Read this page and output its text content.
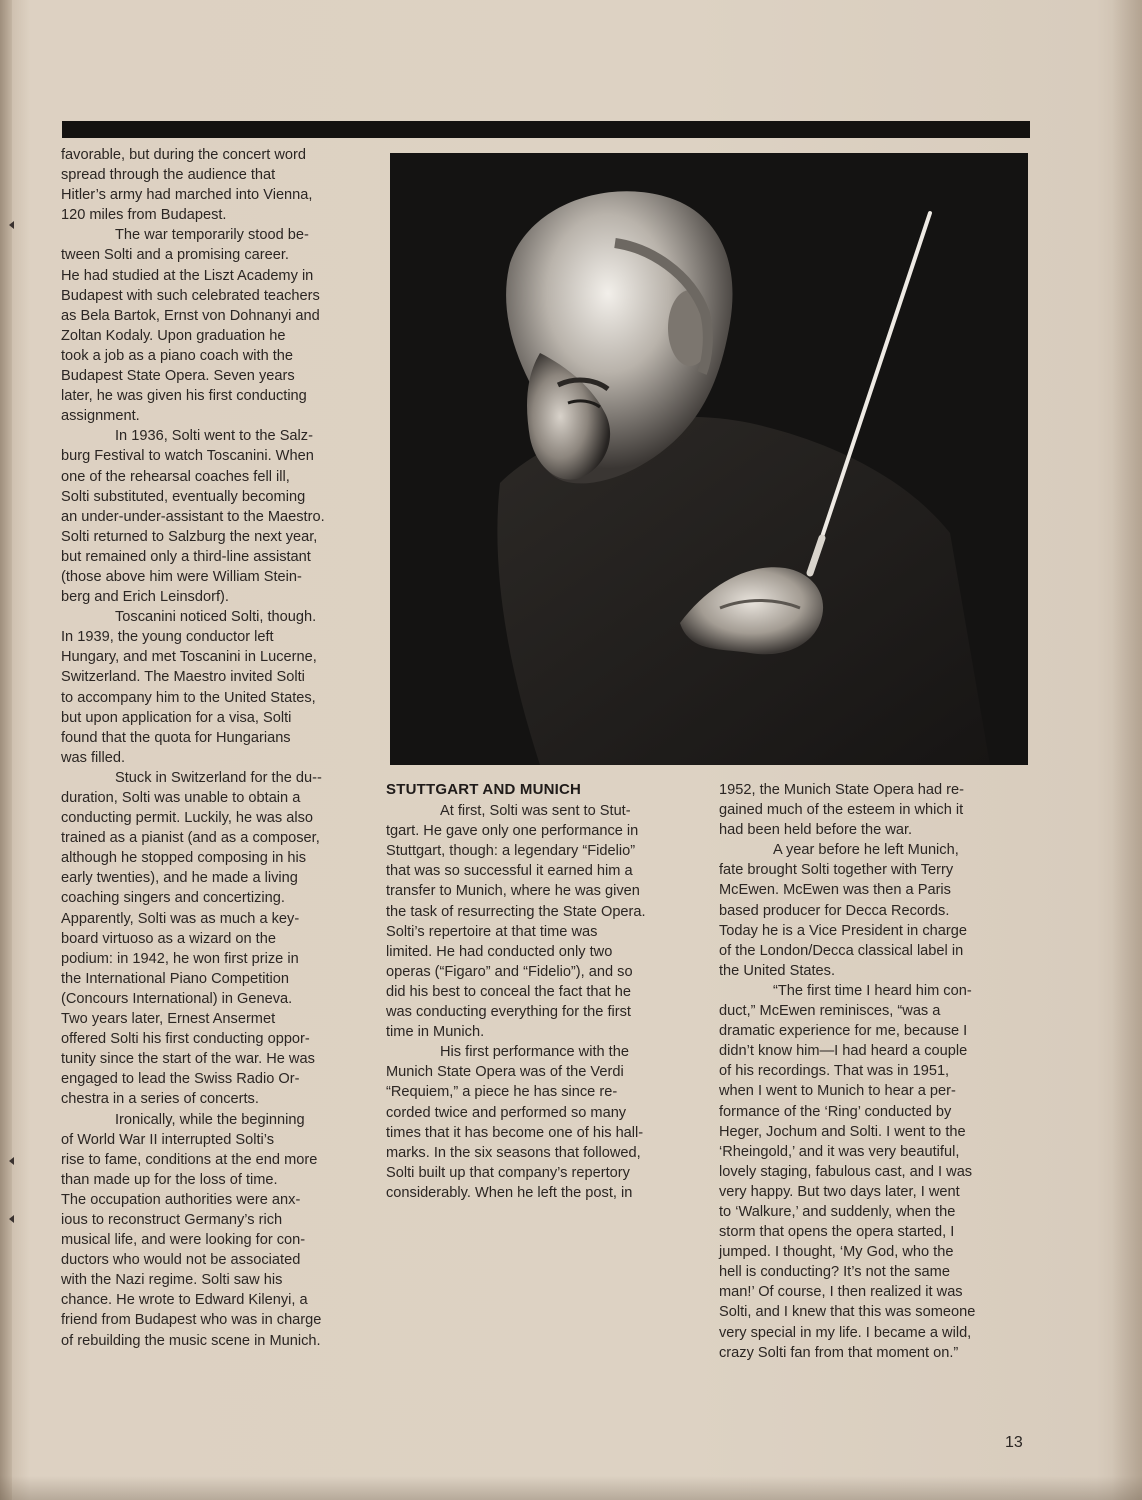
favorable, but during the concert word
spread through the audience that
Hitler’s army had marched into Vienna,
120 miles from Budapest.
The war temporarily stood be-
tween Solti and a promising career.
He had studied at the Liszt Academy in
Budapest with such celebrated teachers
as Bela Bartok, Ernst von Dohnanyi and
Zoltan Kodaly. Upon graduation he
took a job as a piano coach with the
Budapest State Opera. Seven years
later, he was given his first conducting
assignment.
In 1936, Solti went to the Salz-
burg Festival to watch Toscanini. When
one of the rehearsal coaches fell ill,
Solti substituted, eventually becoming
an under-under-assistant to the Maestro.
Solti returned to Salzburg the next year,
but remained only a third-line assistant
(those above him were William Stein-
berg and Erich Leinsdorf).
Toscanini noticed Solti, though.
In 1939, the young conductor left
Hungary, and met Toscanini in Lucerne,
Switzerland. The Maestro invited Solti
to accompany him to the United States,
but upon application for a visa, Solti
found that the quota for Hungarians
was filled.
Stuck in Switzerland for the du--
duration, Solti was unable to obtain a
conducting permit. Luckily, he was also
trained as a pianist (and as a composer,
although he stopped composing in his
early twenties), and he made a living
coaching singers and concertizing.
Apparently, Solti was as much a key-
board virtuoso as a wizard on the
podium: in 1942, he won first prize in
the International Piano Competition
(Concours International) in Geneva.
Two years later, Ernest Ansermet
offered Solti his first conducting oppor-
tunity since the start of the war. He was
engaged to lead the Swiss Radio Or-
chestra in a series of concerts.
Ironically, while the beginning
of World War II interrupted Solti’s
rise to fame, conditions at the end more
than made up for the loss of time.
The occupation authorities were anx-
ious to reconstruct Germany’s rich
musical life, and were looking for con-
ductors who would not be associated
with the Nazi regime. Solti saw his
chance. He wrote to Edward Kilenyi, a
friend from Budapest who was in charge
of rebuilding the music scene in Munich.
STUTTGART AND MUNICH
At first, Solti was sent to Stut-
tgart. He gave only one performance in
Stuttgart, though: a legendary “Fidelio”
that was so successful it earned him a
transfer to Munich, where he was given
the task of resurrecting the State Opera.
Solti’s repertoire at that time was
limited. He had conducted only two
operas (“Figaro” and “Fidelio”), and so
did his best to conceal the fact that he
was conducting everything for the first
time in Munich.
His first performance with the
Munich State Opera was of the Verdi
“Requiem,” a piece he has since re-
corded twice and performed so many
times that it has become one of his hall-
marks. In the six seasons that followed,
Solti built up that company’s repertory
considerably. When he left the post, in
1952, the Munich State Opera had re-
gained much of the esteem in which it
had been held before the war.
A year before he left Munich,
fate brought Solti together with Terry
McEwen. McEwen was then a Paris
based producer for Decca Records.
Today he is a Vice President in charge
of the London/Decca classical label in
the United States.
“The first time I heard him con-
duct,” McEwen reminisces, “was a
dramatic experience for me, because I
didn’t know him—I had heard a couple
of his recordings. That was in 1951,
when I went to Munich to hear a per-
formance of the ‘Ring’ conducted by
Heger, Jochum and Solti. I went to the
‘Rheingold,’ and it was very beautiful,
lovely staging, fabulous cast, and I was
very happy. But two days later, I went
to ‘Walkure,’ and suddenly, when the
storm that opens the opera started, I
jumped. I thought, ‘My God, who the
hell is conducting? It’s not the same
man!’ Of course, I then realized it was
Solti, and I knew that this was someone
very special in my life. I became a wild,
crazy Solti fan from that moment on.”
13
